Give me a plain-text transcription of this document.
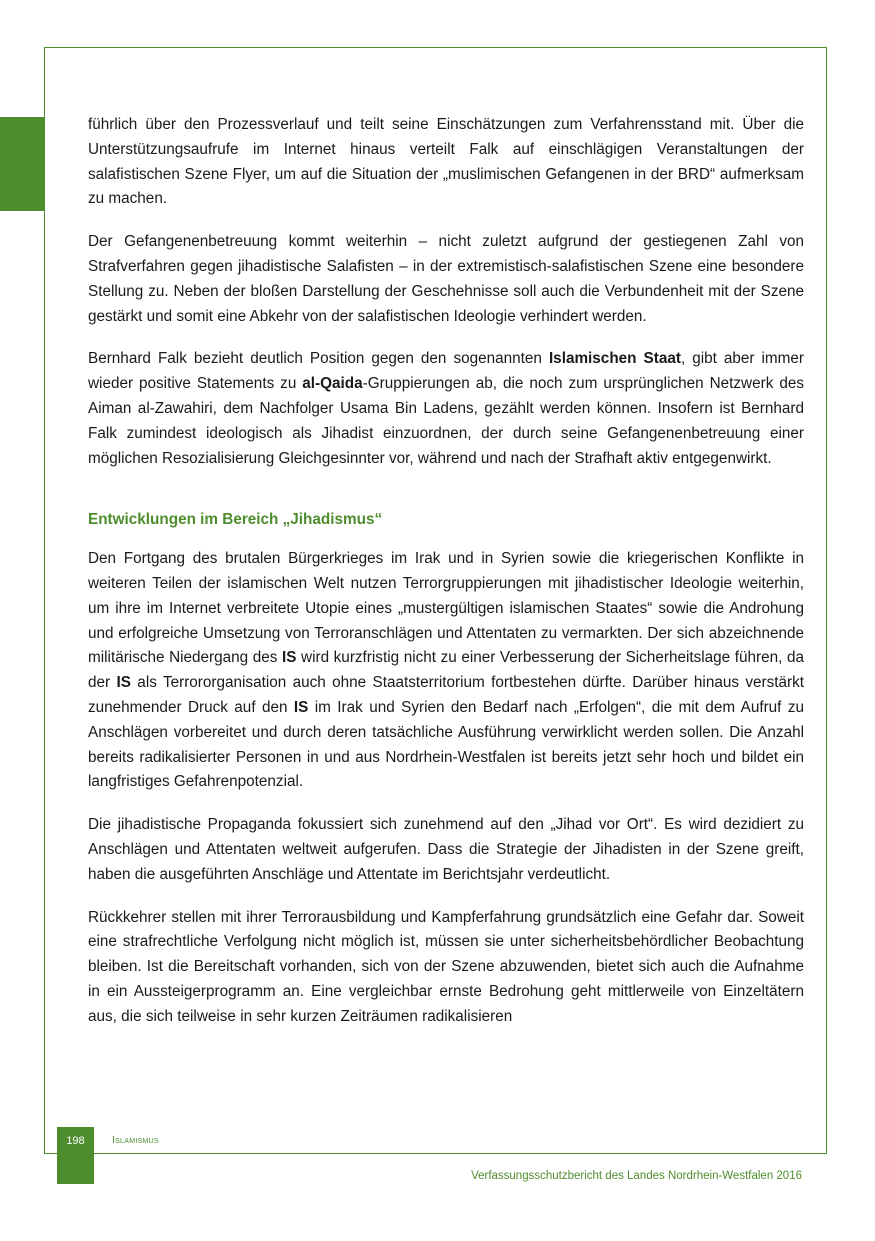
führlich über den Prozessverlauf und teilt seine Einschätzungen zum Verfahrensstand mit. Über die Unterstützungsaufrufe im Internet hinaus verteilt Falk auf einschlägigen Veranstaltungen der salafistischen Szene Flyer, um auf die Situation der „muslimischen Gefangenen in der BRD“ aufmerksam zu machen.

Der Gefangenenbetreuung kommt weiterhin – nicht zuletzt aufgrund der gestiegenen Zahl von Strafverfahren gegen jihadistische Salafisten – in der extremistisch-salafistischen Szene eine besondere Stellung zu. Neben der bloßen Darstellung der Geschehnisse soll auch die Verbundenheit mit der Szene gestärkt und somit eine Abkehr von der salafistischen Ideologie verhindert werden.

Bernhard Falk bezieht deutlich Position gegen den sogenannten Islamischen Staat, gibt aber immer wieder positive Statements zu al-Qaida-Gruppierungen ab, die noch zum ursprünglichen Netzwerk des Aiman al-Zawahiri, dem Nachfolger Usama Bin Ladens, gezählt werden können. Insofern ist Bernhard Falk zumindest ideologisch als Jihadist einzuordnen, der durch seine Gefangenenbetreuung einer möglichen Resozialisierung Gleichgesinnter vor, während und nach der Strafhaft aktiv entgegenwirkt.

Entwicklungen im Bereich „Jihadismus“

Den Fortgang des brutalen Bürgerkrieges im Irak und in Syrien sowie die kriegerischen Konflikte in weiteren Teilen der islamischen Welt nutzen Terrorgruppierungen mit jihadistischer Ideologie weiterhin, um ihre im Internet verbreitete Utopie eines „mustergültigen islamischen Staates“ sowie die Androhung und erfolgreiche Umsetzung von Terroranschlägen und Attentaten zu vermarkten. Der sich abzeichnende militärische Niedergang des IS wird kurzfristig nicht zu einer Verbesserung der Sicherheitslage führen, da der IS als Terrororganisation auch ohne Staatsterritorium fortbestehen dürfte. Darüber hinaus verstärkt zunehmender Druck auf den IS im Irak und Syrien den Bedarf nach „Erfolgen“, die mit dem Aufruf zu Anschlägen vorbereitet und durch deren tatsächliche Ausführung verwirklicht werden sollen. Die Anzahl bereits radikalisierter Personen in und aus Nordrhein-Westfalen ist bereits jetzt sehr hoch und bildet ein langfristiges Gefahrenpotenzial.

Die jihadistische Propaganda fokussiert sich zunehmend auf den „Jihad vor Ort“. Es wird dezidiert zu Anschlägen und Attentaten weltweit aufgerufen. Dass die Strategie der Jihadisten in der Szene greift, haben die ausgeführten Anschläge und Attentate im Berichtsjahr verdeutlicht.

Rückkehrer stellen mit ihrer Terrorausbildung und Kampferfahrung grundsätzlich eine Gefahr dar. Soweit eine strafrechtliche Verfolgung nicht möglich ist, müssen sie unter sicherheitsbehördlicher Beobachtung bleiben. Ist die Bereitschaft vorhanden, sich von der Szene abzuwenden, bietet sich auch die Aufnahme in ein Aussteigerprogramm an. Eine vergleichbar ernste Bedrohung geht mittlerweile von Einzeltätern aus, die sich teilweise in sehr kurzen Zeiträumen radikalisieren

198	Islamismus
Verfassungsschutzbericht des Landes Nordrhein-Westfalen 2016
